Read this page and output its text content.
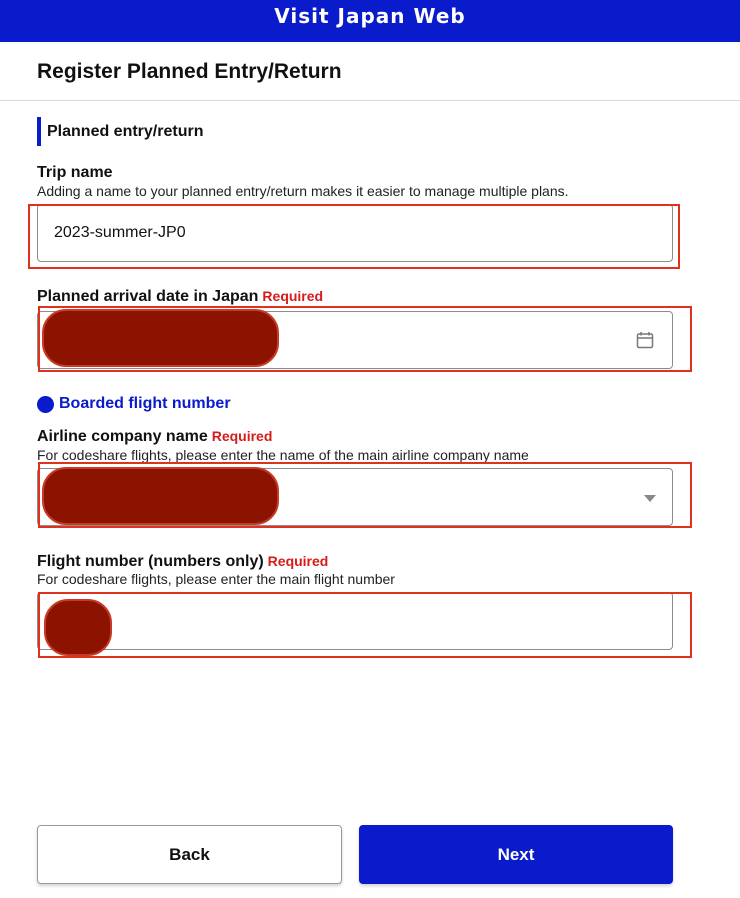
Visit Japan Web
Register Planned Entry/Return
Planned entry/return
Trip name
Adding a name to your planned entry/return makes it easier to manage multiple plans.
2023-summer-JP0
Planned arrival date in Japan Required
Boarded flight number
Airline company name Required
For codeshare flights, please enter the name of the main airline company name
Flight number (numbers only) Required
For codeshare flights, please enter the main flight number
Back	Next
